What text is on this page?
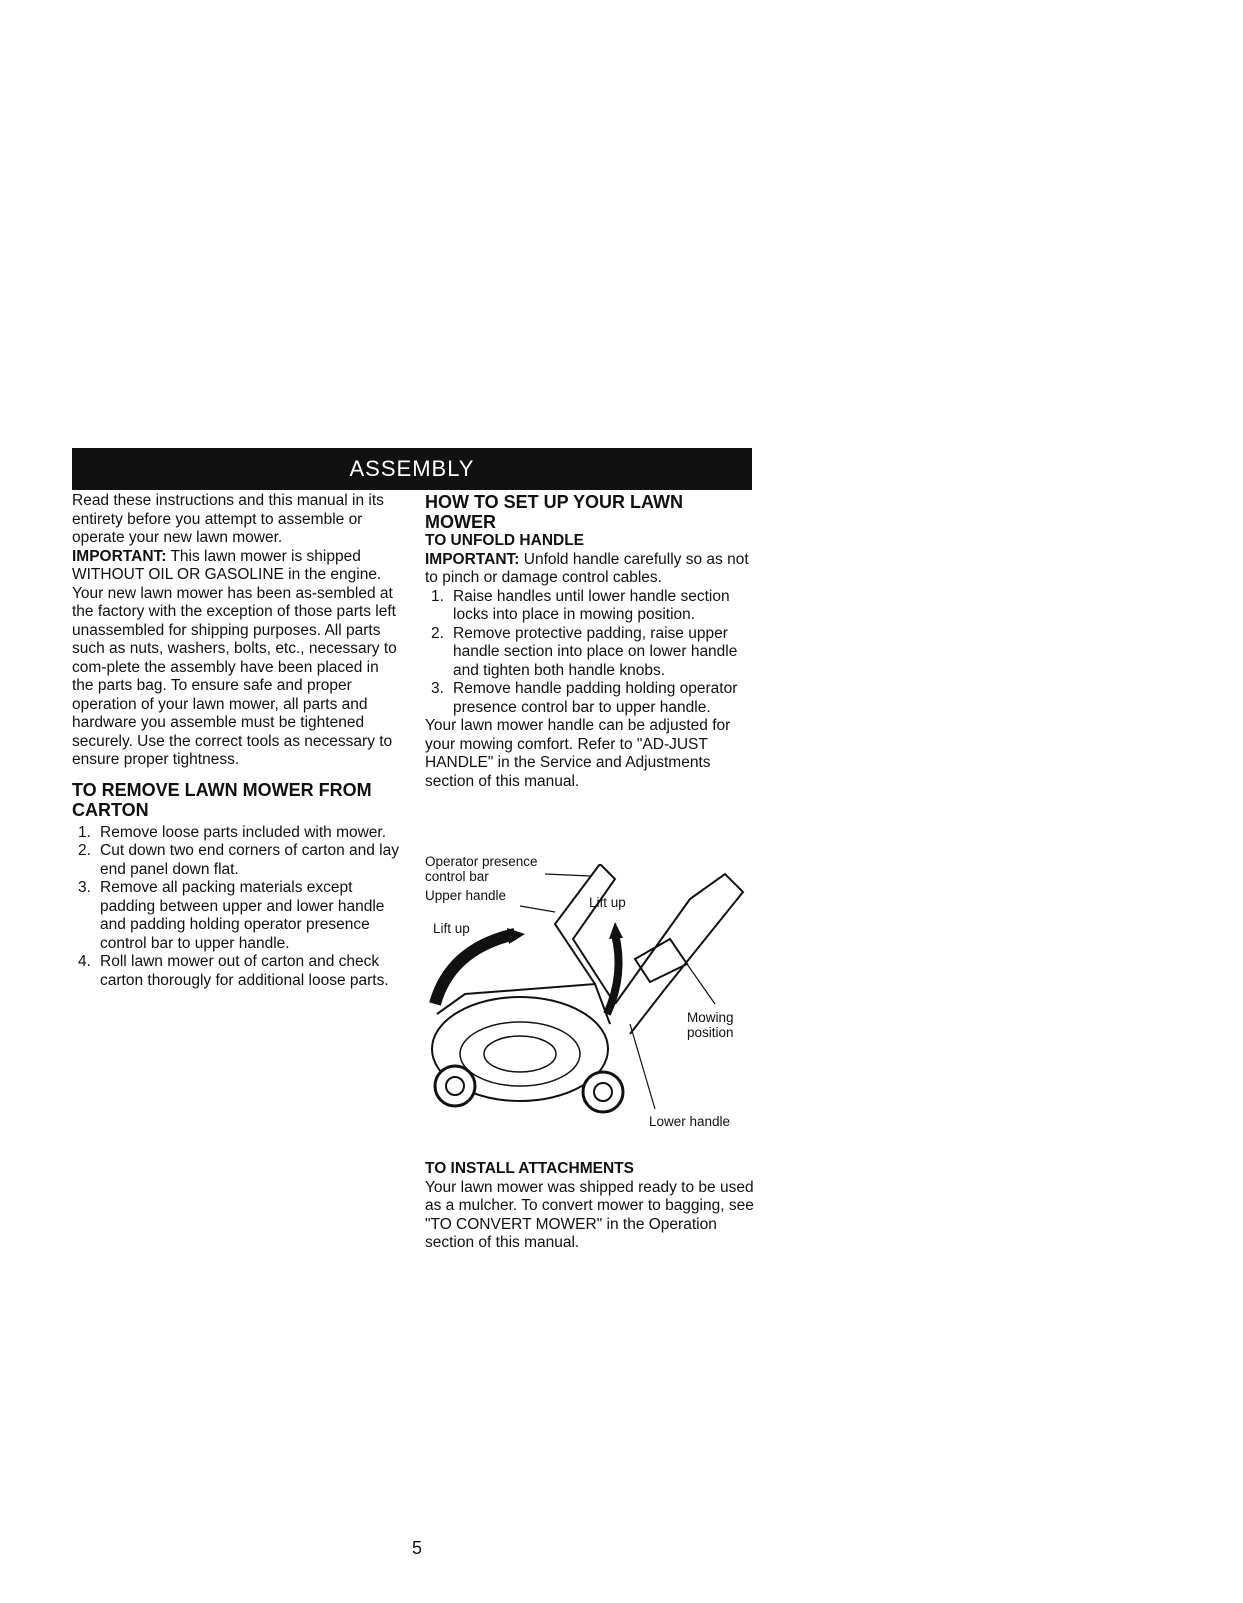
ASSEMBLY

Read these instructions and this manual in its entirety before you attempt to assemble or operate your new lawn mower.

IMPORTANT: This lawn mower is shipped WITHOUT OIL OR GASOLINE in the engine.

Your new lawn mower has been as-sembled at the factory with the exception of those parts left unassembled for shipping purposes. All parts such as nuts, washers, bolts, etc., necessary to com-plete the assembly have been placed in the parts bag. To ensure safe and proper operation of your lawn mower, all parts and hardware you assemble must be tightened securely. Use the correct tools as necessary to ensure proper tightness.

TO REMOVE LAWN MOWER FROM CARTON

1. Remove loose parts included with mower.
2. Cut down two end corners of carton and lay end panel down flat.
3. Remove all packing materials except padding between upper and lower handle and padding holding operator presence control bar to upper handle.
4. Roll lawn mower out of carton and check carton thorougly for additional loose parts.

HOW TO SET UP YOUR LAWN MOWER

TO UNFOLD HANDLE

IMPORTANT: Unfold handle carefully so as not to pinch or damage control cables.

1. Raise handles until lower handle section locks into place in mowing position.
2. Remove protective padding, raise upper handle section into place on lower handle and tighten both handle knobs.
3. Remove handle padding holding operator presence control bar to upper handle.

Your lawn mower handle can be adjusted for your mowing comfort. Refer to "AD-JUST HANDLE" in the Service and Adjustments section of this manual.

Operator presence
control bar
Upper handle	Lift up
Lift up
Mowing
position
Lower handle

TO INSTALL ATTACHMENTS

Your lawn mower was shipped ready to be used as a mulcher. To convert mower to bagging, see "TO CONVERT MOWER" in the Operation section of this manual.

5
